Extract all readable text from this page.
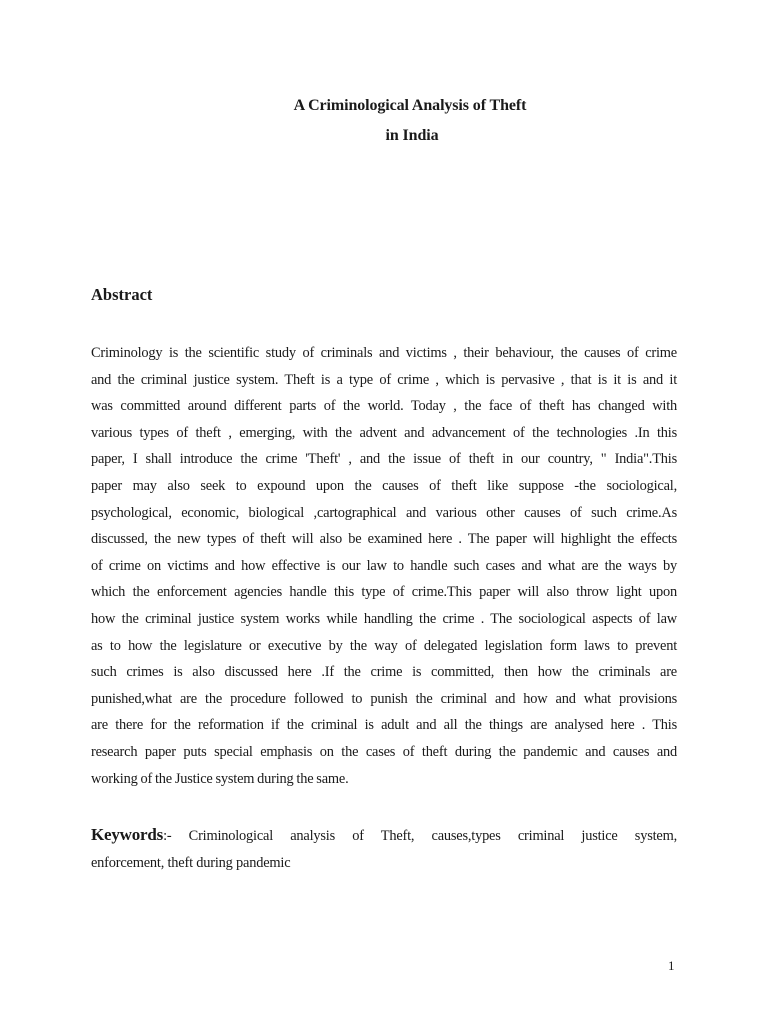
A Criminological Analysis of Theft
in India
Abstract
Criminology is the scientific study of criminals and victims , their behaviour, the causes of crime
and the criminal justice system. Theft is a type of crime , which is pervasive , that is it is and it
was committed around different parts of the world. Today , the face of theft has changed with
various types of theft , emerging, with the advent and advancement of the technologies .In this
paper, I shall introduce the crime 'Theft' , and the issue of theft in our country, " India".This
paper may also seek to expound upon the causes of theft like suppose -the sociological,
psychological, economic, biological ,cartographical and various other causes of such crime.As
discussed, the new types of theft will also be examined here . The paper will highlight the effects
of crime on victims and how effective is our law to handle such cases and what are the ways by
which the enforcement agencies handle this type of crime.This paper will also throw light upon
how the criminal justice system works while handling the crime . The sociological aspects of law
as to how the legislature or executive by the way of delegated legislation form laws to prevent
such crimes is also discussed here .If the crime is committed, then how the criminals are
punished,what are the procedure followed to punish the criminal and how and what provisions
are there for the reformation if the criminal is adult and all the things are analysed here . This
research paper puts special emphasis on the cases of theft during the pandemic and causes and
working of the Justice system during the same.
Keywords:- Criminological analysis of Theft, causes,types criminal justice system,
enforcement, theft during pandemic
1
